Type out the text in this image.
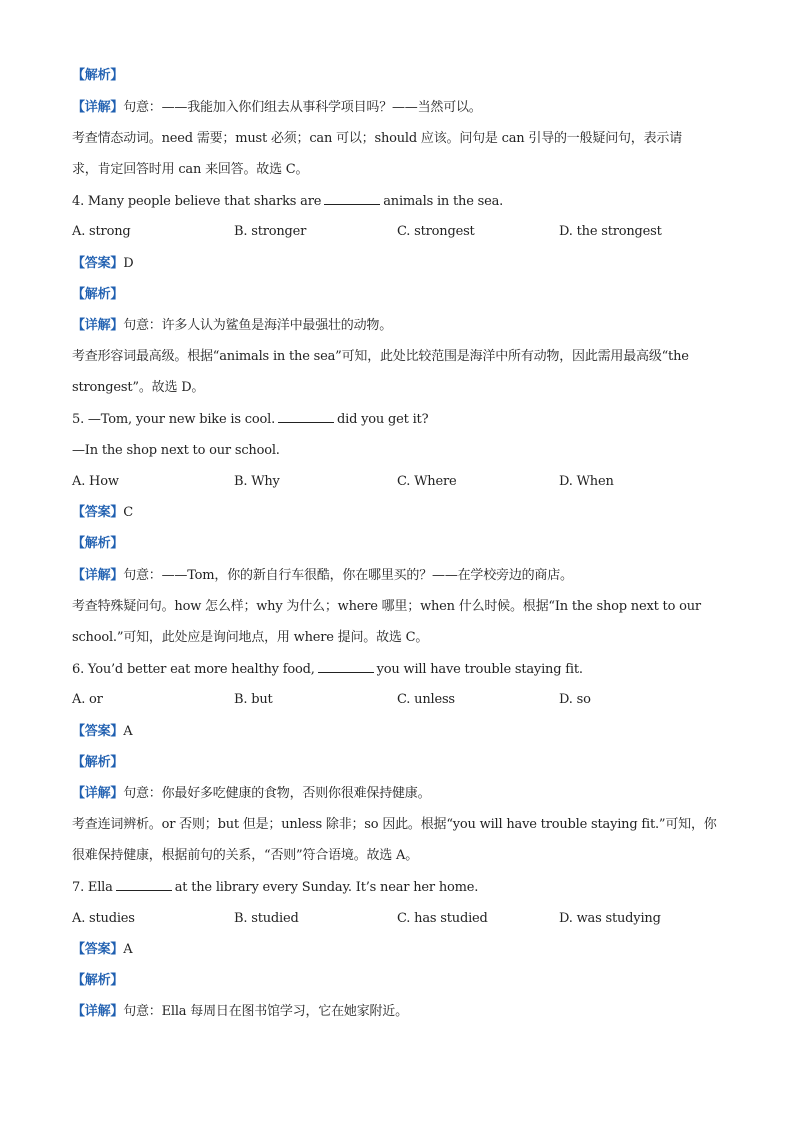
【解析】
【详解】句意：——我能加入你们组去从事科学项目吗？——当然可以。
考查情态动词。need 需要；must 必须；can 可以；should 应该。问句是 can 引导的一般疑问句，表示请
求，肯定回答时用 can 来回答。故选 C。
4. Many people believe that sharks are	animals in the sea.
A. strong	B. stronger	C. strongest	D. the strongest
【答案】D
【解析】
【详解】句意：许多人认为鲨鱼是海洋中最强壮的动物。
考查形容词最高级。根据“animals in the sea”可知，此处比较范围是海洋中所有动物，因此需用最高级“the
strongest”。故选 D。
5. —Tom, your new bike is cool.	did you get it?
—In the shop next to our school.
A. How	B. Why	C. Where	D. When
【答案】C
【解析】
【详解】句意：——Tom，你的新自行车很酷，你在哪里买的？——在学校旁边的商店。
考查特殊疑问句。how 怎么样；why 为什么；where 哪里；when 什么时候。根据“In the shop next to our
school.”可知，此处应是询问地点，用 where 提问。故选 C。
6. You’d better eat more healthy food,	you will have trouble staying fit.
A. or	B. but	C. unless	D. so
【答案】A
【解析】
【详解】句意：你最好多吃健康的食物，否则你很难保持健康。
考查连词辨析。or 否则；but 但是；unless 除非；so 因此。根据“you will have trouble staying fit.”可知，你
很难保持健康，根据前句的关系，“否则”符合语境。故选 A。
7. Ella	at the library every Sunday. It’s near her home.
A. studies	B. studied	C. has studied	D. was studying
【答案】A
【解析】
【详解】句意：Ella 每周日在图书馆学习，它在她家附近。
